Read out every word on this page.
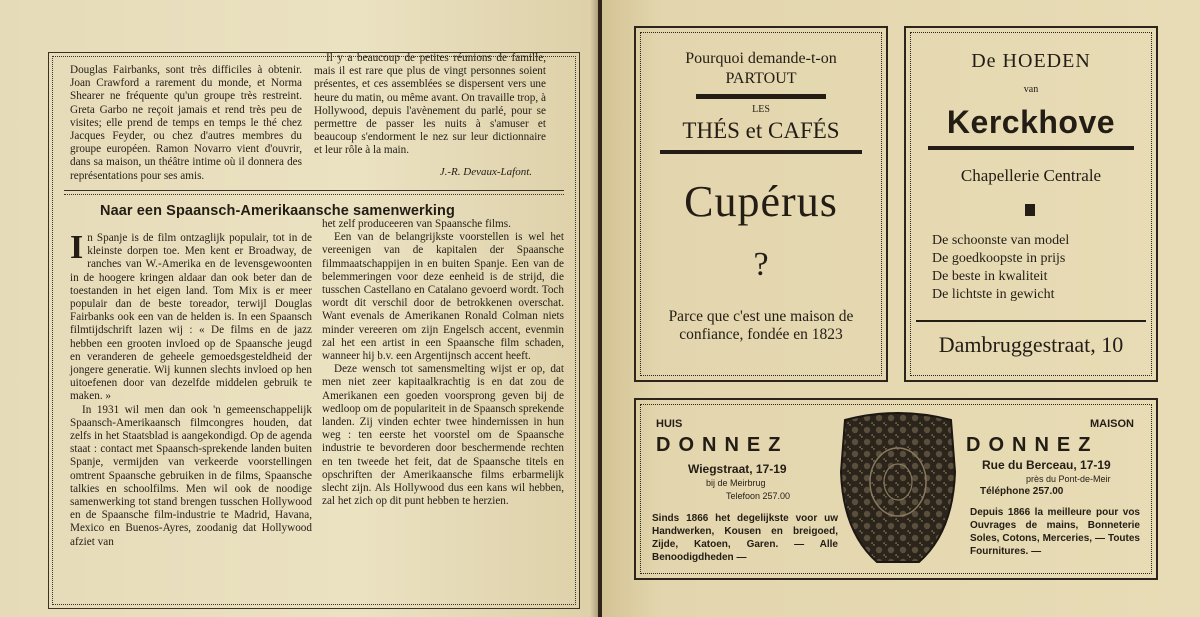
Douglas Fairbanks, sont très difficiles à obtenir. Joan Crawford a rarement du monde, et Norma Shearer ne fréquente qu'un groupe très restreint. Greta Garbo ne reçoit jamais et rend très peu de visites; elle prend de temps en temps le thé chez Jacques Feyder, ou chez d'autres membres du groupe européen. Ramon Novarro vient d'ouvrir, dans sa maison, un théâtre intime où il donnera des représentations pour ses amis.

Il y a beaucoup de petites réunions de famille, mais il est rare que plus de vingt personnes soient présentes, et ces assemblées se dispersent vers une heure du matin, ou même avant. On travaille trop, à Hollywood, depuis l'avènement du parlé, pour se permettre de passer les nuits à s'amuser et beaucoup s'endorment le nez sur leur dictionnaire et leur rôle à la main.

J.-R. Devaux-Lafont.

Naar een Spaansch-Amerikaansche samenwerking

In Spanje is de film ontzaglijk populair, tot in de kleinste dorpen toe. Men kent er Broadway, de ranches van W.-Amerika en de levensgewoonten in de hoogere kringen aldaar dan ook beter dan de toestanden in het eigen land. Tom Mix is er meer populair dan de beste toreador, terwijl Douglas Fairbanks ook een van de helden is. In een Spaansch filmtijdschrift lazen wij : « De films en de jazz hebben een grooten invloed op de Spaansche jeugd en veranderen de geheele gemoedsgesteldheid der jongere generatie. Wij kunnen slechts invloed op hen uitoefenen door van dezelfde middelen gebruik te maken. »

In 1931 wil men dan ook 'n gemeenschappelijk Spaansch-Amerikaansch filmcongres houden, dat zelfs in het Staatsblad is aangekondigd. Op de agenda staat : contact met Spaansch-sprekende landen buiten Spanje, vermijden van verkeerde voorstellingen omtrent Spaansche gebruiken in de films, Spaansche talkies en schoolfilms. Men wil ook de noodige samenwerking tot stand brengen tusschen Hollywood en de Spaansche film-industrie te Madrid, Havana, Mexico en Buenos-Ayres, zoodanig dat Hollywood afziet van

het zelf produceeren van Spaansche films.

Een van de belangrijkste voorstellen is wel het vereenigen van de kapitalen der Spaansche filmmaatschappijen in en buiten Spanje. Een van de belemmeringen voor deze eenheid is de strijd, die tusschen Castellano en Catalano gevoerd wordt. Toch wordt dit verschil door de betrokkenen overschat. Want evenals de Amerikanen Ronald Colman niets minder vereeren om zijn Engelsch accent, evenmin zal het een artist in een Spaansche film schaden, wanneer hij b.v. een Argentijnsch accent heeft.

Deze wensch tot samensmelting wijst er op, dat men niet zeer kapitaalkrachtig is en dat zou de Amerikanen een goeden voorsprong geven bij de wedloop om de populariteit in de Spaansch sprekende landen. Zij vinden echter twee hindernissen in hun weg : ten eerste het voorstel om de Spaansche industrie te bevorderen door beschermende rechten en ten tweede het feit, dat de Spaansche titels en opschriften der Amerikaansche films erbarmelijk slecht zijn. Als Hollywood dus een kans wil hebben, zal het zich op dit punt hebben te herzien.

Pourquoi demande-t-on
PARTOUT
LES
THÉS et CAFÉS
Cupérus
?
Parce que c'est une maison de confiance, fondée en 1823
De HOEDEN
van
Kerckhove
Chapellerie Centrale
De schoonste van model
De goedkoopste in prijs
De beste in kwaliteit
De lichtste in gewicht
Dambruggestraat, 10
HUIS
DONNEZ
Wiegstraat, 17-19
bij de Meirbrug
Telefoon 257.00
Sinds 1866 het degelijkste voor uw Handwerken, Kousen en breigoed, Zijde, Katoen, Garen. — Alle Benoodigdheden —
MAISON
DONNEZ
Rue du Berceau, 17-19
près du Pont-de-Meir
Téléphone 257.00
Depuis 1866 la meilleure pour vos Ouvrages de mains, Bonneterie Soles, Cotons, Merceries, — Toutes Fournitures. —
